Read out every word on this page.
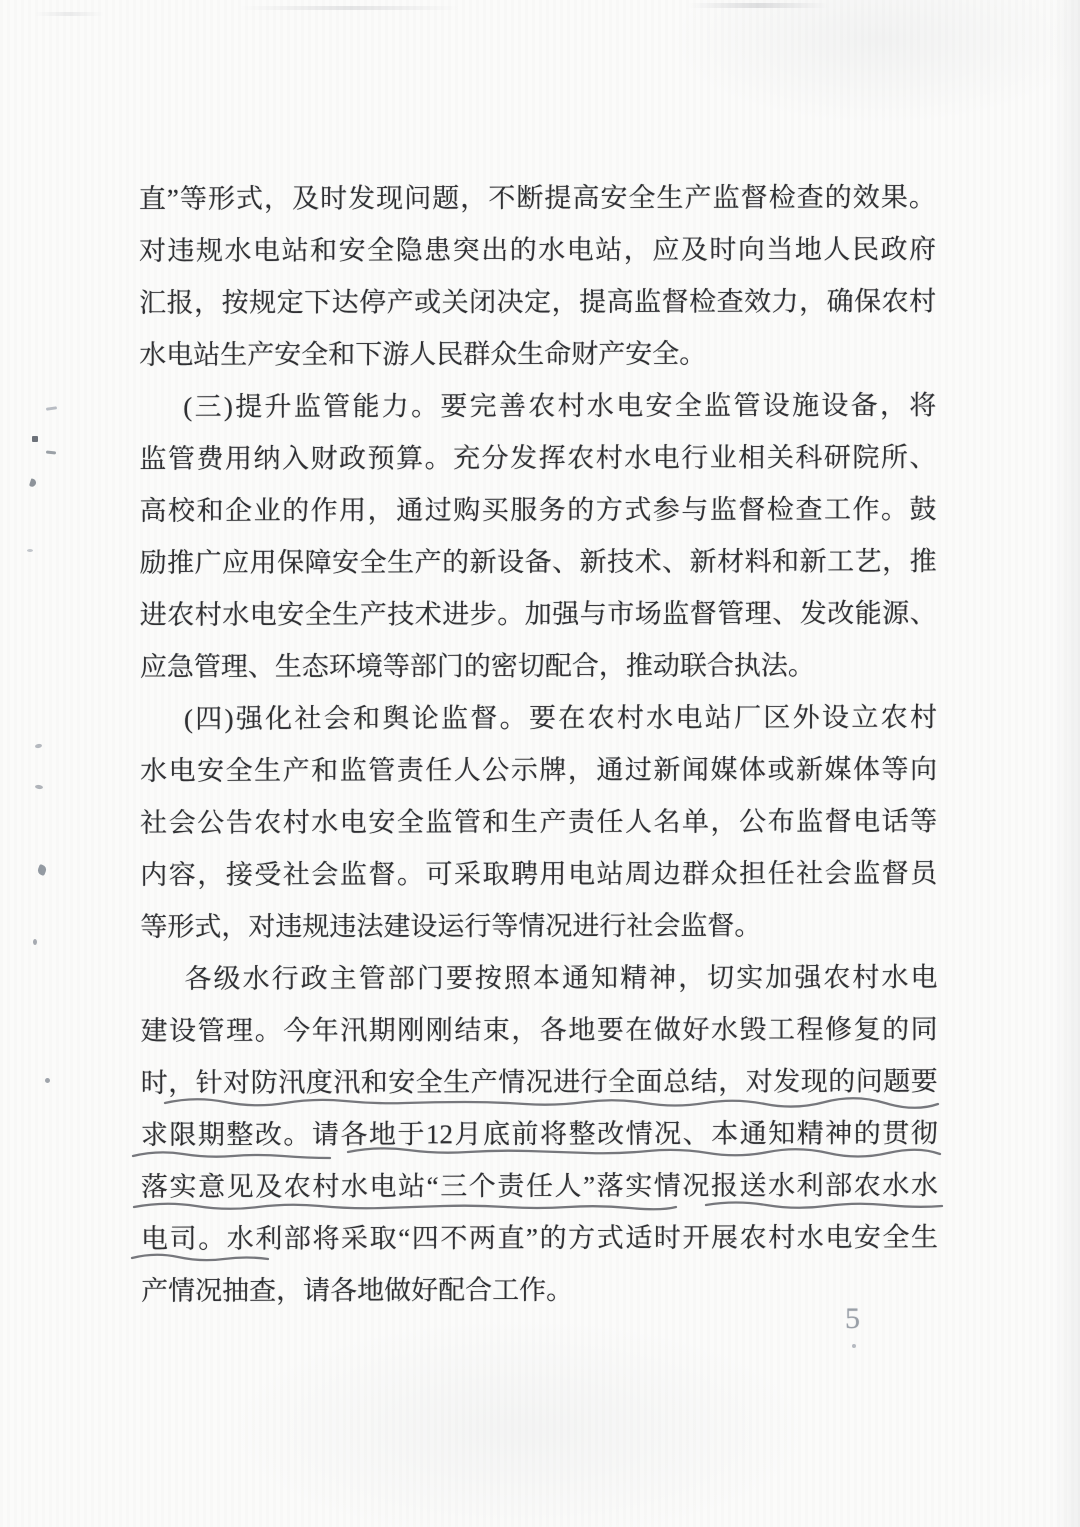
直”等形式，及时发现问题，不断提高安全生产监督检查的效果。

对违规水电站和安全隐患突出的水电站，应及时向当地人民政府

汇报，按规定下达停产或关闭决定，提高监督检查效力，确保农村

水电站生产安全和下游人民群众生命财产安全。

(三)提升监管能力。要完善农村水电安全监管设施设备，将

监管费用纳入财政预算。充分发挥农村水电行业相关科研院所、

高校和企业的作用，通过购买服务的方式参与监督检查工作。鼓

励推广应用保障安全生产的新设备、新技术、新材料和新工艺，推

进农村水电安全生产技术进步。加强与市场监督管理、发改能源、

应急管理、生态环境等部门的密切配合，推动联合执法。

(四)强化社会和舆论监督。要在农村水电站厂区外设立农村

水电安全生产和监管责任人公示牌，通过新闻媒体或新媒体等向

社会公告农村水电安全监管和生产责任人名单，公布监督电话等

内容，接受社会监督。可采取聘用电站周边群众担任社会监督员

等形式，对违规违法建设运行等情况进行社会监督。

各级水行政主管部门要按照本通知精神，切实加强农村水电

建设管理。今年汛期刚刚结束，各地要在做好水毁工程修复的同

时，针对防汛度汛和安全生产情况进行全面总结，对发现的问题要

求限期整改。请各地于12月底前将整改情况、本通知精神的贯彻

落实意见及农村水电站“三个责任人”落实情况报送水利部农水水

电司。水利部将采取“四不两直”的方式适时开展农村水电安全生

产情况抽查，请各地做好配合工作。

5
